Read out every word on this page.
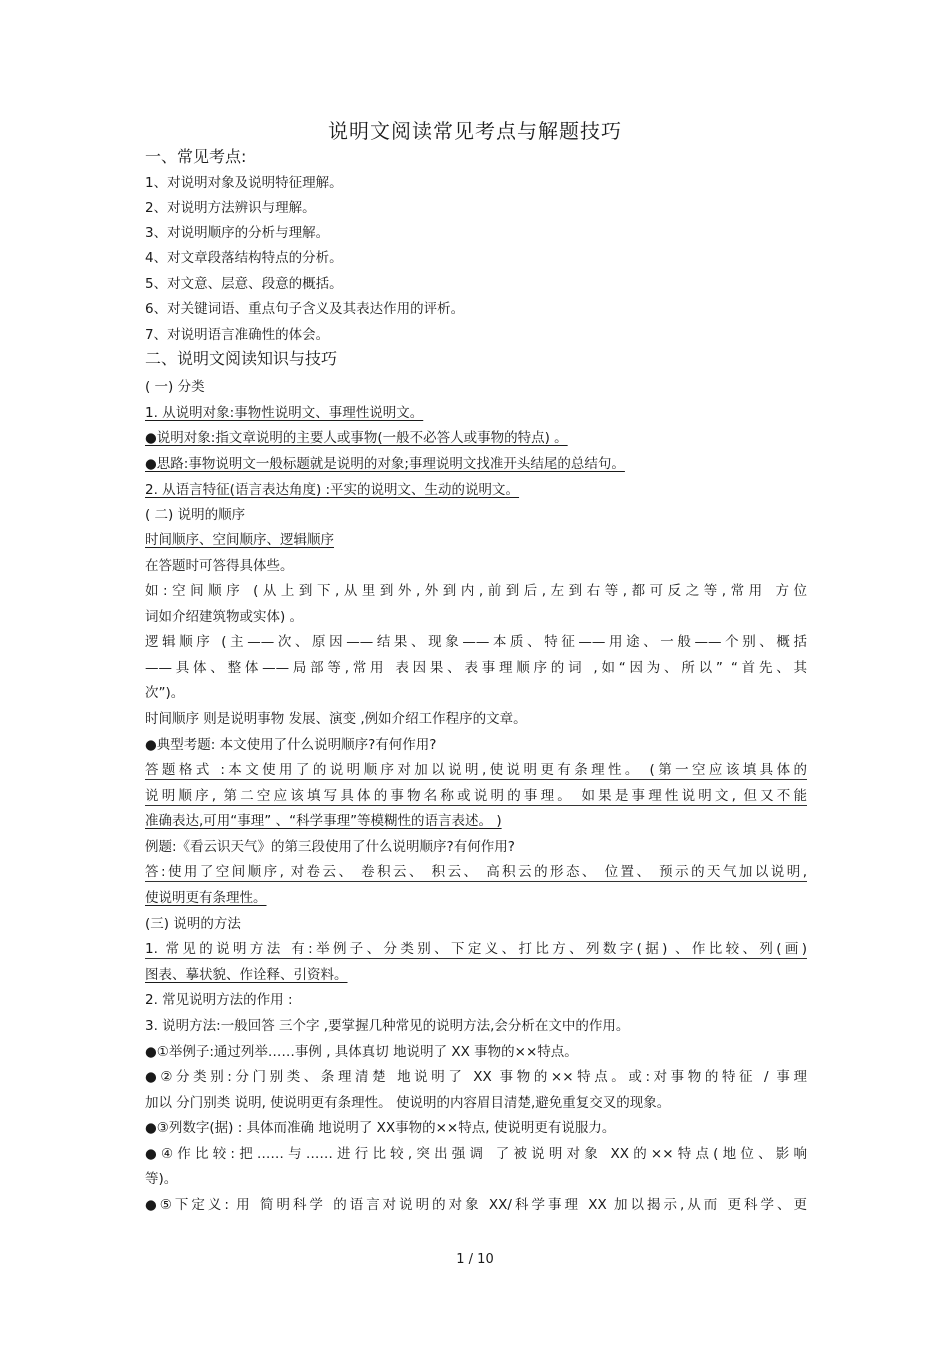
说明文阅读常见考点与解题技巧
一、常见考点:
1、对说明对象及说明特征理解。
2、对说明方法辨识与理解。
3、对说明顺序的分析与理解。
4、对文章段落结构特点的分析。
5、对文意、层意、段意的概括。
6、对关键词语、重点句子含义及其表达作用的评析。
7、对说明语言准确性的体会。
二、说明文阅读知识与技巧
( 一) 分类
1. 从说明对象:事物性说明文、事理性说明文。
●说明对象:指文章说明的主要人或事物(一般不必答人或事物的特点) 。
●思路:事物说明文一般标题就是说明的对象;事理说明文找准开头结尾的总结句。
2. 从语言特征(语言表达角度) :平实的说明文、生动的说明文。
( 二) 说明的顺序
时间顺序、空间顺序、逻辑顺序
在答题时可答得具体些。
如:空间顺序 (从上到下,从里到外,外到内,前到后,左到右等,都可反之等,常用 方位
词如介绍建筑物或实体) 。
逻辑顺序 (主——次、原因——结果、现象——本质、特征——用途、一般——个别、概括
——具体、整体——局部等,常用 表因果、表事理顺序的词 ,如“因为、所以” “首先、其
次”)。
时间顺序 则是说明事物 发展、演变 ,例如介绍工作程序的文章。
●典型考题: 本文使用了什么说明顺序?有何作用?
答题格式 :本文使用了的说明顺序对加以说明,使说明更有条理性。 (第一空应该填具体的
说明顺序, 第二空应该填写具体的事物名称或说明的事理。 如果是事理性说明文, 但又不能
准确表达,可用“事理” 、“科学事理”等模糊性的语言表述。 )
例题:《看云识天气》的第三段使用了什么说明顺序?有何作用?
答:使用了空间顺序, 对卷云、 卷积云、 积云、 高积云的形态、 位置、 预示的天气加以说明,
使说明更有条理性。
(三) 说明的方法
1. 常见的说明方法 有:举例子、分类别、下定义、打比方、列数字(据) 、作比较、列(画)
图表、摹状貌、作诠释、引资料。
2. 常见说明方法的作用 :
3. 说明方法:一般回答 三个字 ,要掌握几种常见的说明方法,会分析在文中的作用。
●①举例子:通过列举……事例 , 具体真切 地说明了 XX 事物的××特点。
●②分类别:分门别类、条理清楚 地说明了 XX 事物的××特点。或:对事物的特征 / 事理
加以 分门别类 说明, 使说明更有条理性。 使说明的内容眉目清楚,避免重复交叉的现象。
●③列数字(据) : 具体而准确 地说明了 XX事物的××特点, 使说明更有说服力。
●④作比较:把……与……进行比较,突出强调 了被说明对象 XX的××特点(地位、影响
等)。
●⑤下定义: 用 简明科学 的语言对说明的对象 XX/科学事理 XX 加以揭示,从而 更科学、更
1 / 10
